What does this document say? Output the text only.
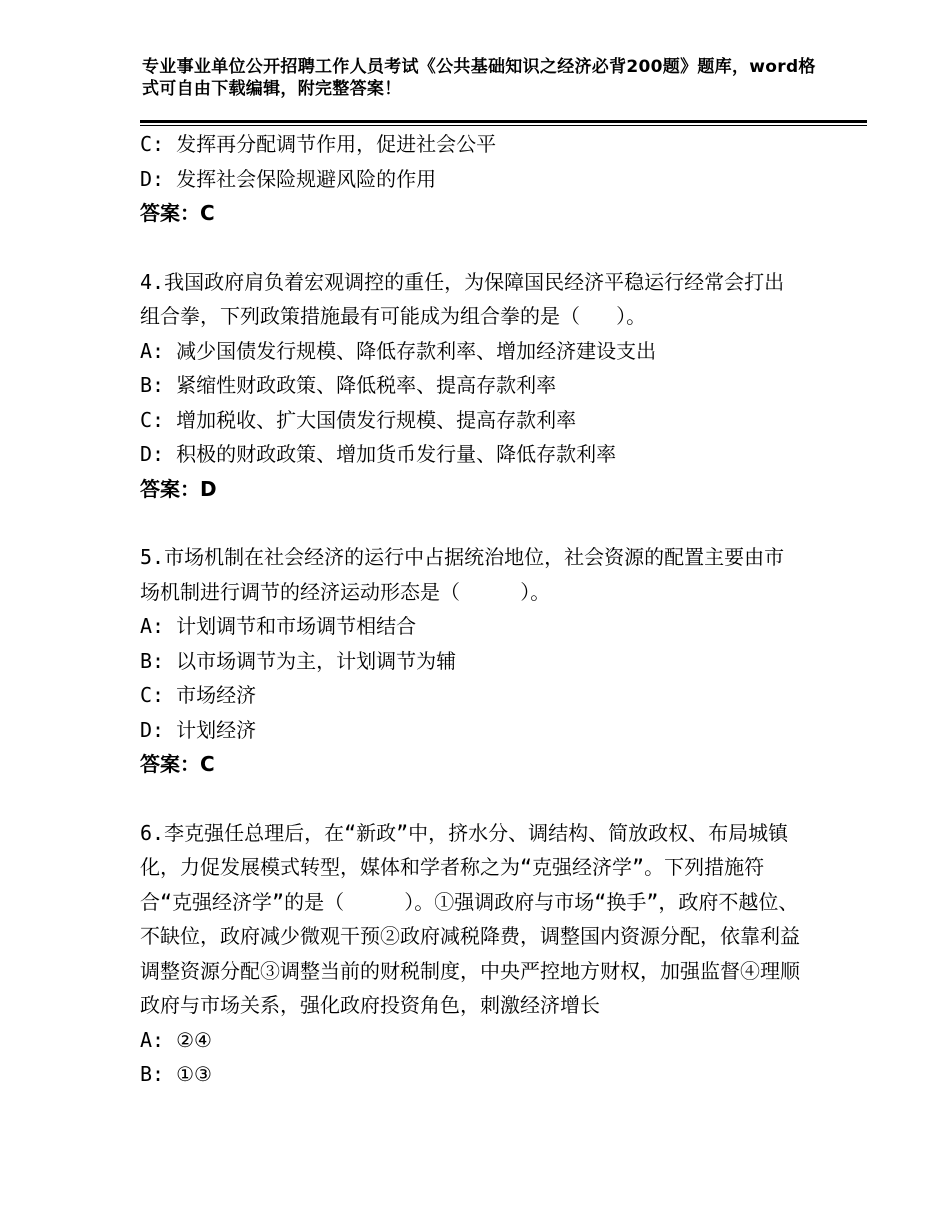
专业事业单位公开招聘工作人员考试《公共基础知识之经济必背200题》题库，word格式可自由下载编辑，附完整答案！
C: 发挥再分配调节作用，促进社会公平
D: 发挥社会保险规避风险的作用
答案：C
4.我国政府肩负着宏观调控的重任，为保障国民经济平稳运行经常会打出组合拳，下列政策措施最有可能成为组合拳的是（   ）。
A: 减少国债发行规模、降低存款利率、增加经济建设支出
B: 紧缩性财政政策、降低税率、提高存款利率
C: 增加税收、扩大国债发行规模、提高存款利率
D: 积极的财政政策、增加货币发行量、降低存款利率
答案：D
5.市场机制在社会经济的运行中占据统治地位，社会资源的配置主要由市场机制进行调节的经济运动形态是（     ）。
A: 计划调节和市场调节相结合
B: 以市场调节为主，计划调节为辅
C: 市场经济
D: 计划经济
答案：C
6.李克强任总理后，在“新政”中，挤水分、调结构、简放政权、布局城镇化，力促发展模式转型，媒体和学者称之为“克强经济学”。下列措施符合“克强经济学”的是（     ）。①强调政府与市场“换手”，政府不越位、不缺位，政府减少微观干预②政府减税降费，调整国内资源分配，依靠利益调整资源分配③调整当前的财税制度，中央严控地方财权，加强监督④理顺政府与市场关系，强化政府投资角色，刺激经济增长
A: ②④
B: ①③
